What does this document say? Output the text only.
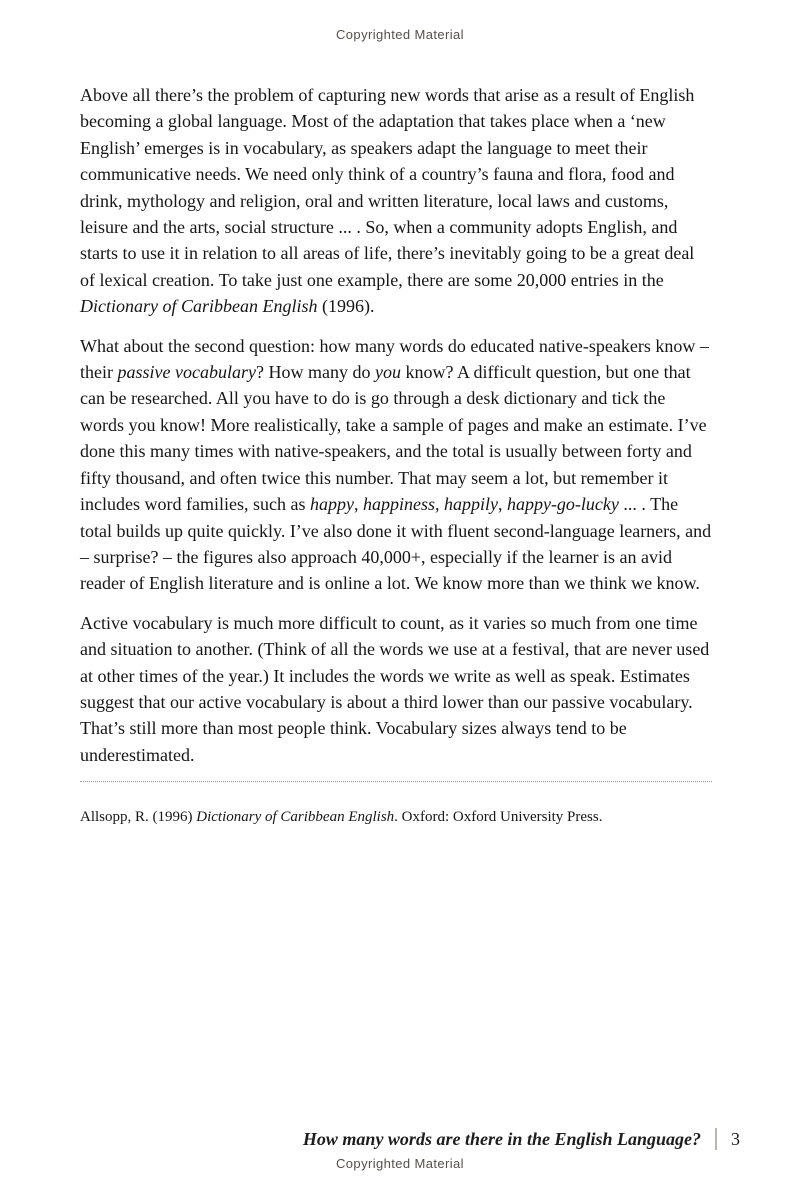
Copyrighted Material

Above all there’s the problem of capturing new words that arise as a result of English becoming a global language. Most of the adaptation that takes place when a ‘new English’ emerges is in vocabulary, as speakers adapt the language to meet their communicative needs. We need only think of a country’s fauna and flora, food and drink, mythology and religion, oral and written literature, local laws and customs, leisure and the arts, social structure ... . So, when a community adopts English, and starts to use it in relation to all areas of life, there’s inevitably going to be a great deal of lexical creation. To take just one example, there are some 20,000 entries in the Dictionary of Caribbean English (1996).

What about the second question: how many words do educated native-speakers know – their passive vocabulary? How many do you know? A difficult question, but one that can be researched. All you have to do is go through a desk dictionary and tick the words you know! More realistically, take a sample of pages and make an estimate. I’ve done this many times with native-speakers, and the total is usually between forty and fifty thousand, and often twice this number. That may seem a lot, but remember it includes word families, such as happy, happiness, happily, happy-go-lucky ... . The total builds up quite quickly. I’ve also done it with fluent second-language learners, and – surprise? – the figures also approach 40,000+, especially if the learner is an avid reader of English literature and is online a lot. We know more than we think we know.

Active vocabulary is much more difficult to count, as it varies so much from one time and situation to another. (Think of all the words we use at a festival, that are never used at other times of the year.) It includes the words we write as well as speak. Estimates suggest that our active vocabulary is about a third lower than our passive vocabulary. That’s still more than most people think. Vocabulary sizes always tend to be underestimated.

Allsopp, R. (1996) Dictionary of Caribbean English. Oxford: Oxford University Press.

How many words are there in the English Language? 3
Copyrighted Material
